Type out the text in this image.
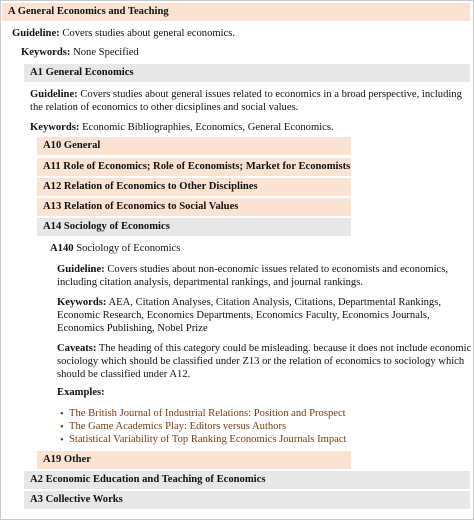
A General Economics and Teaching
Guideline: Covers studies about general economics.
Keywords: None Specified
A1 General Economics
Guideline: Covers studies about general issues related to economics in a broad perspective, including
the relation of economics to other dicsiplines and social values.
Keywords: Economic Bibliographies, Economics, General Economics.
A10 General
A11 Role of Economics; Role of Economists; Market for Economists
A12 Relation of Economics to Other Disciplines
A13 Relation of Economics to Social Values
A14 Sociology of Economics
A140 Sociology of Economics
Guideline: Covers studies about non-economic issues related to economists and economics,
including citation analysis, departmental rankings, and journal rankings.
Keywords: AEA, Citation Analyses, Citation Analysis, Citations, Departmental Rankings,
Economic Research, Economics Departments, Economics Faculty, Economics Journals,
Economics Publishing, Nobel Prize
Caveats: The heading of this category could be misleading. because it does not include economic
sociology which should be classified under Z13 or the relation of economics to sociology which
should be classified under A12.
Examples:
•The British Journal of Industrial Relations: Position and Prospect
•The Game Academics Play: Editors versus Authors
•Statistical Variability of Top Ranking Economics Journals Impact
A19 Other
A2 Economic Education and Teaching of Economics
A3 Collective Works
